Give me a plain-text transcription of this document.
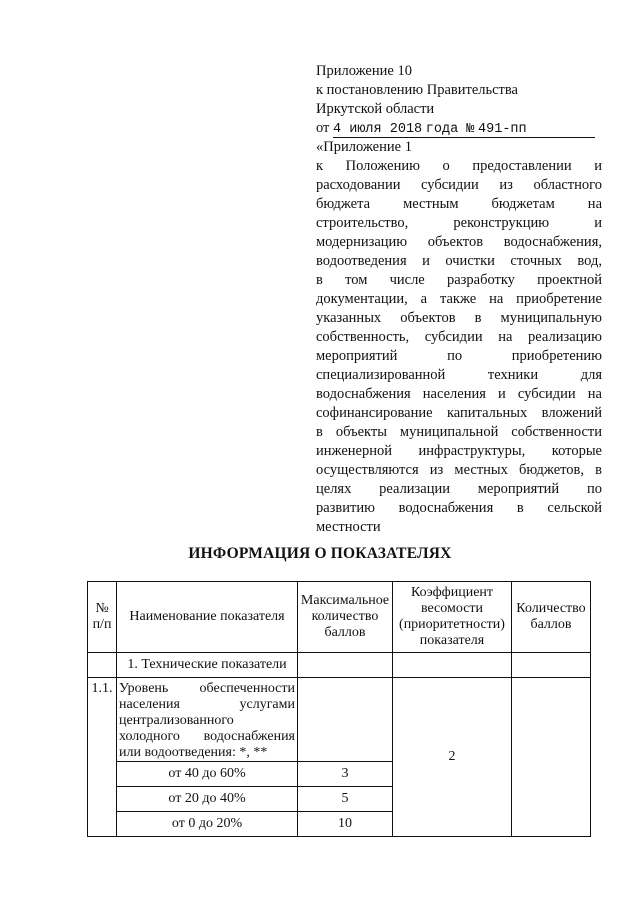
Приложение 10
к постановлению Правительства
Иркутской области
от 4 июля 2018 года № 491-пп
«Приложение 1
к Положению о предоставлении и
расходовании субсидии из областного
бюджета местным бюджетам на
строительство, реконструкцию и
модернизацию объектов водоснабжения,
водоотведения и очистки сточных вод,
в том числе разработку проектной
документации, а также на приобретение
указанных объектов в муниципальную
собственность, субсидии на реализацию
мероприятий по приобретению
специализированной техники для
водоснабжения населения и субсидии на
софинансирование капитальных вложений
в объекты муниципальной собственности
инженерной инфраструктуры, которые
осуществляются из местных бюджетов, в
целях реализации мероприятий по
развитию водоснабжения в сельской
местности
ИНФОРМАЦИЯ О ПОКАЗАТЕЛЯХ
№ п/п	Наименование показателя	Максимальное количество баллов	Коэффициент весомости (приоритетности) показателя	Количество баллов
	1. Технические показатели			
1.1.	Уровень обеспеченности
населения услугами
централизованного
холодного водоснабжения
или водоотведения: *, **		2	
	от 40 до 60%	3		
	от 20 до 40%	5		
	от 0 до 20%	10		
